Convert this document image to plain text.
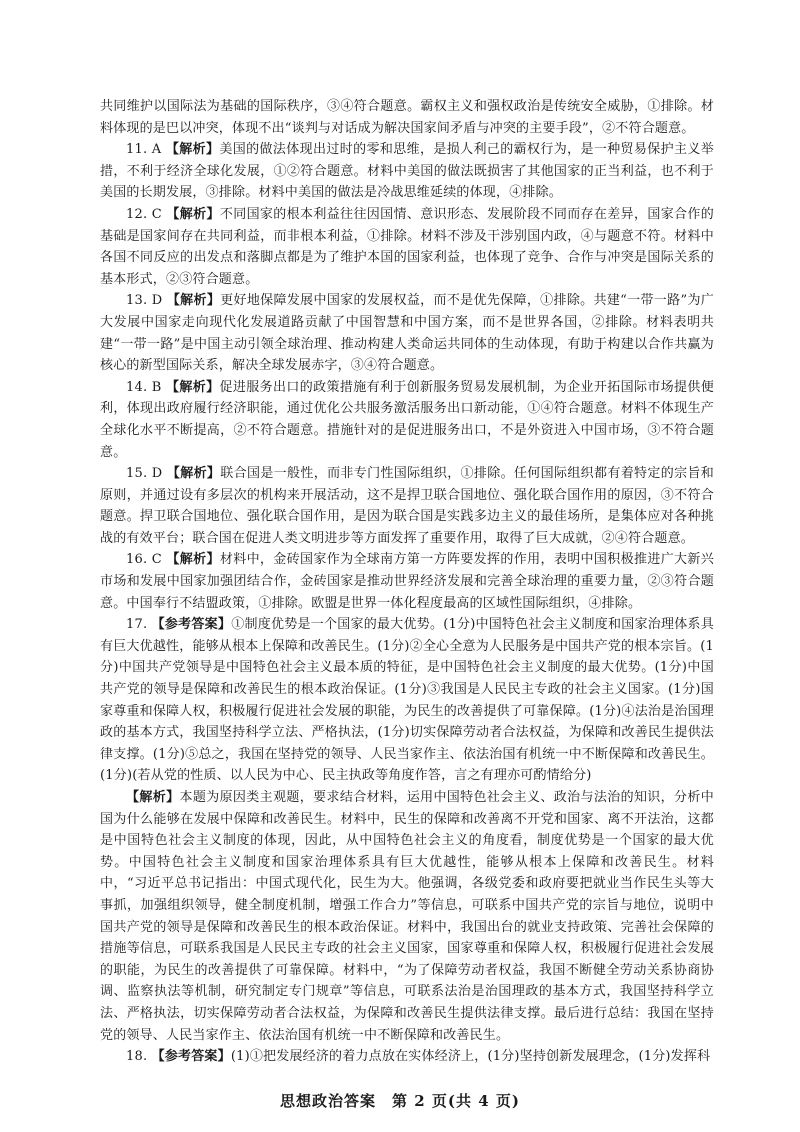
共同维护以国际法为基础的国际秩序，③④符合题意。霸权主义和强权政治是传统安全威胁，①排除。材料体现的是巴以冲突，体现不出“谈判与对话成为解决国家间矛盾与冲突的主要手段”，②不符合题意。

11. A 【解析】美国的做法体现出过时的零和思维，是损人利己的霸权行为，是一种贸易保护主义举措，不利于经济全球化发展，①②符合题意。材料中美国的做法既损害了其他国家的正当利益，也不利于美国的长期发展，③排除。材料中美国的做法是冷战思维延续的体现，④排除。

12. C 【解析】不同国家的根本利益往往因国情、意识形态、发展阶段不同而存在差异，国家合作的基础是国家间存在共同利益，而非根本利益，①排除。材料不涉及干涉别国内政，④与题意不符。材料中各国不同反应的出发点和落脚点都是为了维护本国的国家利益，也体现了竞争、合作与冲突是国际关系的基本形式，②③符合题意。

13. D 【解析】更好地保障发展中国家的发展权益，而不是优先保障，①排除。共建“一带一路”为广大发展中国家走向现代化发展道路贡献了中国智慧和中国方案，而不是世界各国，②排除。材料表明共建“一带一路”是中国主动引领全球治理、推动构建人类命运共同体的生动体现，有助于构建以合作共赢为核心的新型国际关系，解决全球发展赤字，③④符合题意。

14. B 【解析】促进服务出口的政策措施有利于创新服务贸易发展机制，为企业开拓国际市场提供便利，体现出政府履行经济职能，通过优化公共服务激活服务出口新动能，①④符合题意。材料不体现生产全球化水平不断提高，②不符合题意。措施针对的是促进服务出口，不是外资进入中国市场，③不符合题意。

15. D 【解析】联合国是一般性，而非专门性国际组织，①排除。任何国际组织都有着特定的宗旨和原则，并通过设有多层次的机构来开展活动，这不是捍卫联合国地位、强化联合国作用的原因，③不符合题意。捍卫联合国地位、强化联合国作用，是因为联合国是实践多边主义的最佳场所，是集体应对各种挑战的有效平台；联合国在促进人类文明进步等方面发挥了重要作用，取得了巨大成就，②④符合题意。

16. C 【解析】材料中，金砖国家作为全球南方第一方阵要发挥的作用，表明中国积极推进广大新兴市场和发展中国家加强团结合作，金砖国家是推动世界经济发展和完善全球治理的重要力量，②③符合题意。中国奉行不结盟政策，①排除。欧盟是世界一体化程度最高的区域性国际组织，④排除。

17. 【参考答案】①制度优势是一个国家的最大优势。(1分)中国特色社会主义制度和国家治理体系具有巨大优越性，能够从根本上保障和改善民生。(1分)②全心全意为人民服务是中国共产党的根本宗旨。(1分)中国共产党领导是中国特色社会主义最本质的特征，是中国特色社会主义制度的最大优势。(1分)中国共产党的领导是保障和改善民生的根本政治保证。(1分)③我国是人民民主专政的社会主义国家。(1分)国家尊重和保障人权，积极履行促进社会发展的职能，为民生的改善提供了可靠保障。(1分)④法治是治国理政的基本方式，我国坚持科学立法、严格执法，(1分)切实保障劳动者合法权益，为保障和改善民生提供法律支撑。(1分)⑤总之，我国在坚持党的领导、人民当家作主、依法治国有机统一中不断保障和改善民生。(1分)(若从党的性质、以人民为中心、民主执政等角度作答，言之有理亦可酌情给分)

【解析】本题为原因类主观题，要求结合材料，运用中国特色社会主义、政治与法治的知识，分析中国为什么能够在发展中保障和改善民生。材料中，民生的保障和改善离不开党和国家、离不开法治，这都是中国特色社会主义制度的体现，因此，从中国特色社会主义的角度看，制度优势是一个国家的最大优势。中国特色社会主义制度和国家治理体系具有巨大优越性，能够从根本上保障和改善民生。材料中，“习近平总书记指出：中国式现代化，民生为大。他强调，各级党委和政府要把就业当作民生头等大事抓，加强组织领导，健全制度机制，增强工作合力”等信息，可联系中国共产党的宗旨与地位，说明中国共产党的领导是保障和改善民生的根本政治保证。材料中，我国出台的就业支持政策、完善社会保障的措施等信息，可联系我国是人民民主专政的社会主义国家，国家尊重和保障人权，积极履行促进社会发展的职能，为民生的改善提供了可靠保障。材料中，“为了保障劳动者权益，我国不断健全劳动关系协商协调、监察执法等机制，研究制定专门规章”等信息，可联系法治是治国理政的基本方式，我国坚持科学立法、严格执法，切实保障劳动者合法权益，为保障和改善民生提供法律支撑。最后进行总结：我国在坚持党的领导、人民当家作主、依法治国有机统一中不断保障和改善民生。

18. 【参考答案】(1)①把发展经济的着力点放在实体经济上，(1分)坚持创新发展理念，(1分)发挥科

思想政治答案　第 2 页(共 4 页)
